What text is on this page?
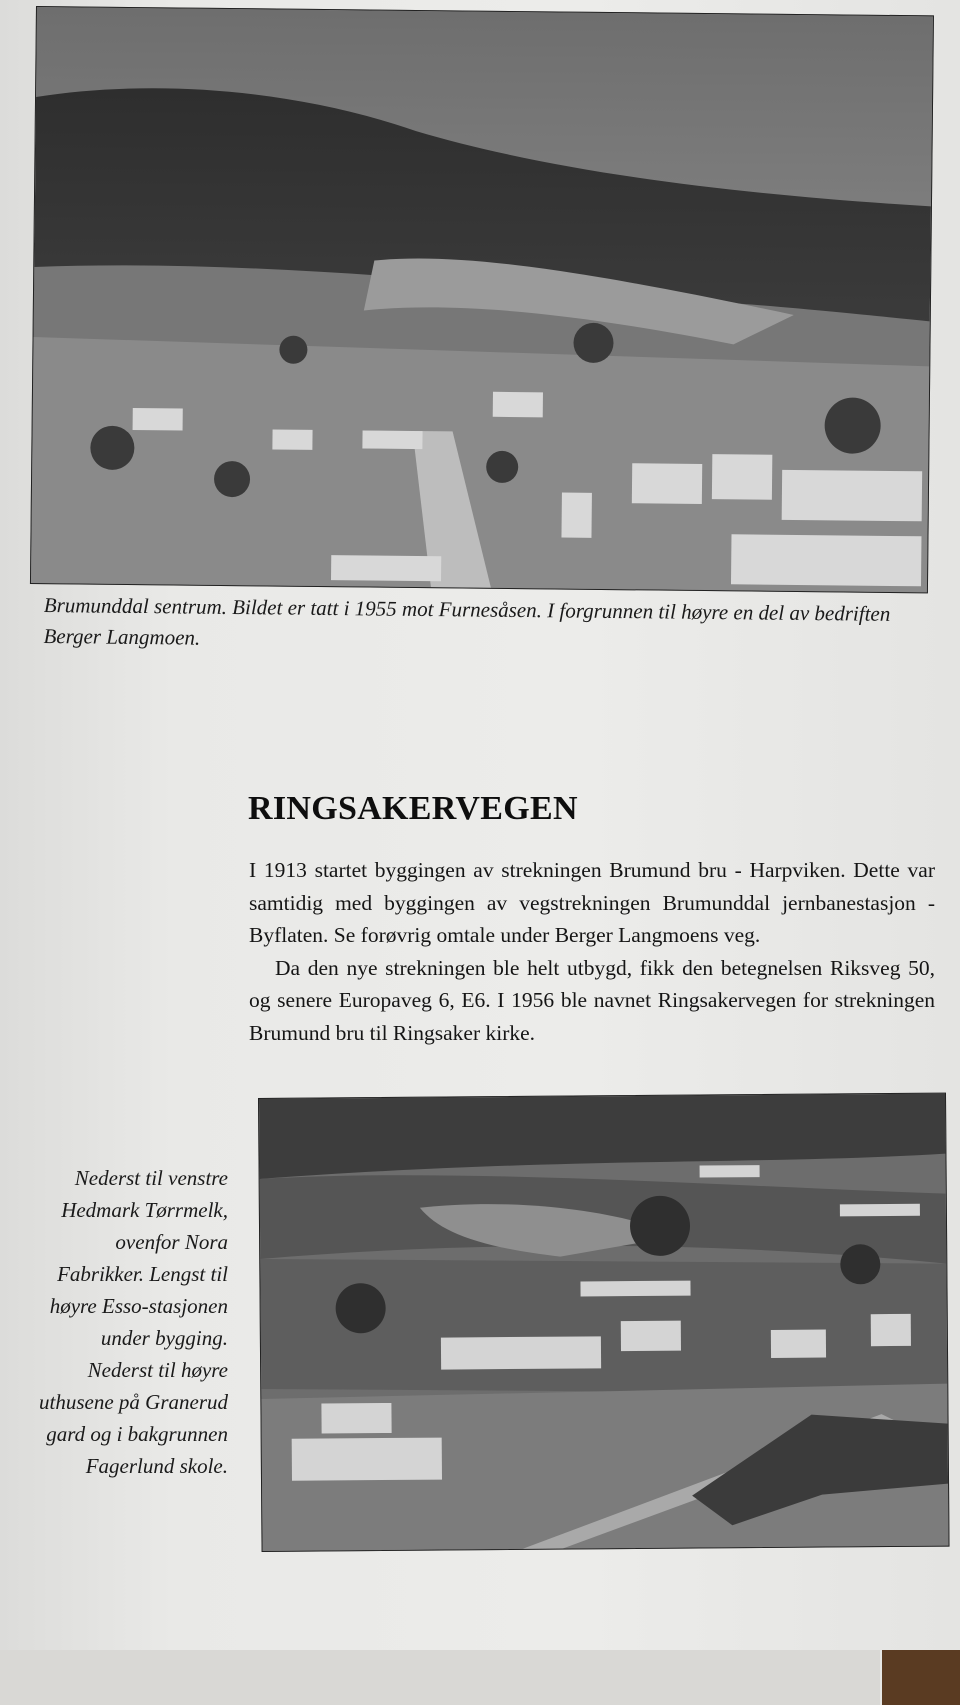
Brumunddal sentrum. Bildet er tatt i 1955 mot Furnesåsen. I forgrunnen til høyre en del av bedriften Berger Langmoen.
RINGSAKERVEGEN

I 1913 startet byggingen av strekningen Brumund bru - Harpviken. Dette var samtidig med byggingen av vegstrekningen Brumunddal jernbanestasjon - Byflaten. Se forøvrig omtale under Berger Langmoens veg.

Da den nye strekningen ble helt utbygd, fikk den betegnelsen Riksveg 50, og senere Europaveg 6, E6. I 1956 ble navnet Ringsakervegen for strekningen Brumund bru til Ringsaker kirke.

Nederst til venstre Hedmark Tørrmelk, ovenfor Nora Fabrikker. Lengst til høyre Esso-stasjonen under bygging. Nederst til høyre uthusene på Granerud gard og i bakgrunnen Fagerlund skole.
